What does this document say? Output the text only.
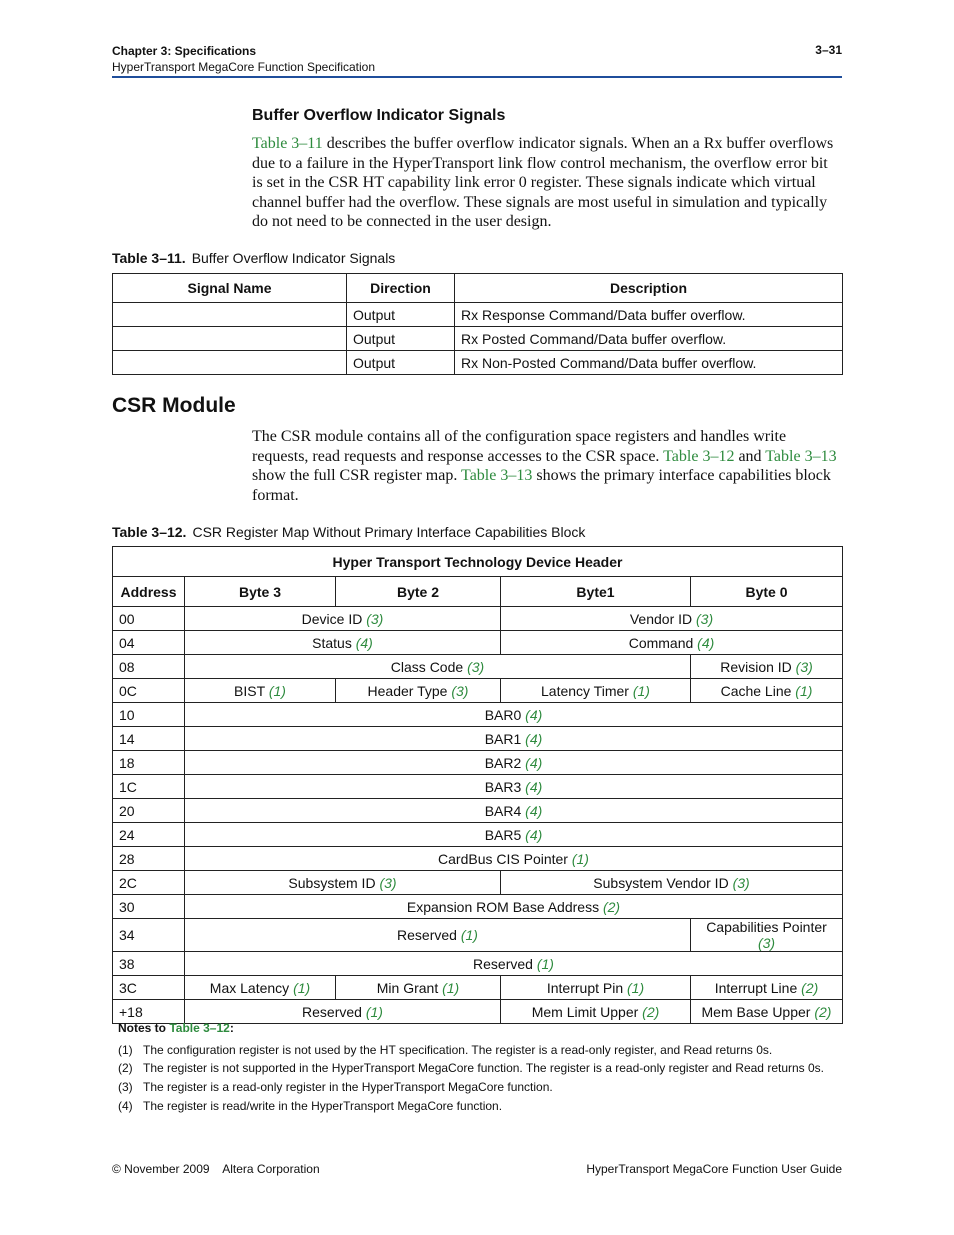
Chapter 3: Specifications
HyperTransport MegaCore Function Specification
3–31
Buffer Overflow Indicator Signals
Table 3–11 describes the buffer overflow indicator signals. When an a Rx buffer overflows due to a failure in the HyperTransport link flow control mechanism, the overflow error bit is set in the CSR HT capability link error 0 register. These signals indicate which virtual channel buffer had the overflow. These signals are most useful in simulation and typically do not need to be connected in the user design.
Table 3–11. Buffer Overflow Indicator Signals
Signal Name	Direction	Description
	Output	Rx Response Command/Data buffer overflow.
	Output	Rx Posted Command/Data buffer overflow.
	Output	Rx Non-Posted Command/Data buffer overflow.
CSR Module
The CSR module contains all of the configuration space registers and handles write requests, read requests and response accesses to the CSR space. Table 3–12 and Table 3–13 show the full CSR register map. Table 3–13 shows the primary interface capabilities block format.
Table 3–12. CSR Register Map Without Primary Interface Capabilities Block
Hyper Transport Technology Device Header				
Address	Byte 3	Byte 2	Byte1	Byte 0
00	Device ID (3)		Vendor ID (3)	
04	Status (4)		Command (4)	
08	Class Code (3)			Revision ID (3)
0C	BIST (1)	Header Type (3)	Latency Timer (1)	Cache Line (1)
10	BAR0 (4)			
14	BAR1 (4)			
18	BAR2 (4)			
1C	BAR3 (4)			
20	BAR4 (4)			
24	BAR5 (4)			
28	CardBus CIS Pointer (1)			
2C	Subsystem ID (3)		Subsystem Vendor ID (3)	
30	Expansion ROM Base Address (2)			
34	Reserved (1)			Capabilities Pointer (3)
38	Reserved (1)			
3C	Max Latency (1)	Min Grant (1)	Interrupt Pin (1)	Interrupt Line (2)
+18	Reserved (1)		Mem Limit Upper (2)	Mem Base Upper (2)
Notes to Table 3–12:
(1) The configuration register is not used by the HT specification. The register is a read-only register, and Read returns 0s.
(2) The register is not supported in the HyperTransport MegaCore function. The register is a read-only register and Read returns 0s.
(3) The register is a read-only register in the HyperTransport MegaCore function.
(4) The register is read/write in the HyperTransport MegaCore function.
© November 2009    Altera Corporation	HyperTransport MegaCore Function User Guide
